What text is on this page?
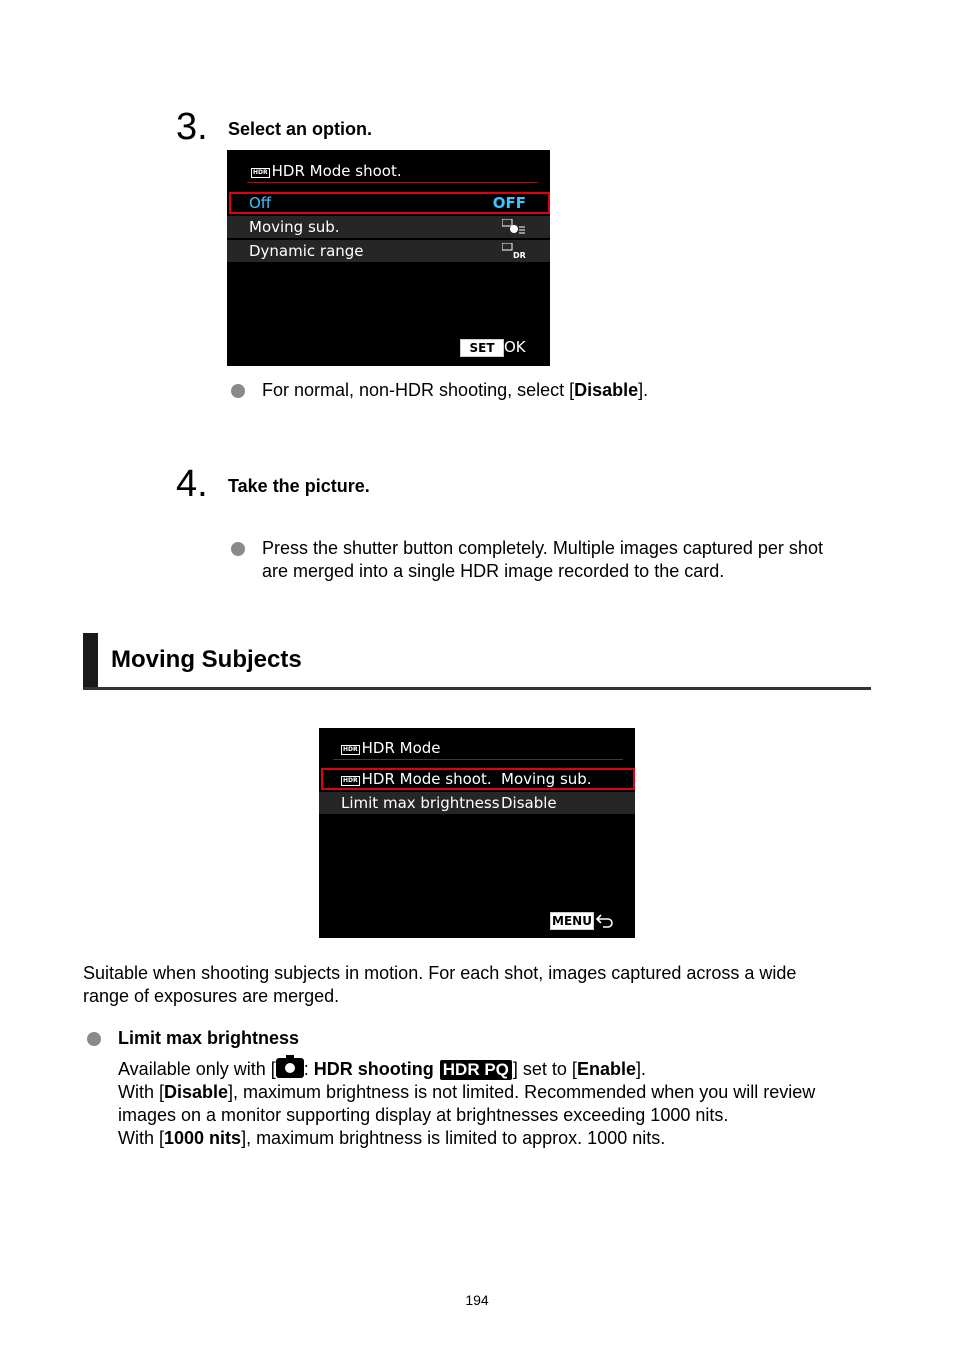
3. Select an option.
HDR HDR Mode shoot.
Off	OFF
Moving sub.
Dynamic range	DR
SET OK
For normal, non-HDR shooting, select [Disable].
4. Take the picture.
Press the shutter button completely. Multiple images captured per shot
are merged into a single HDR image recorded to the card.
Moving Subjects
HDR HDR Mode
HDR HDR Mode shoot. Moving sub.
Limit max brightness Disable
MENU
Suitable when shooting subjects in motion. For each shot, images captured across a wide
range of exposures are merged.
Limit max brightness
Available only with [ : HDR shooting HDR PQ ] set to [Enable].
With [Disable], maximum brightness is not limited. Recommended when you will review
images on a monitor supporting display at brightnesses exceeding 1000 nits.
With [1000 nits], maximum brightness is limited to approx. 1000 nits.
194
